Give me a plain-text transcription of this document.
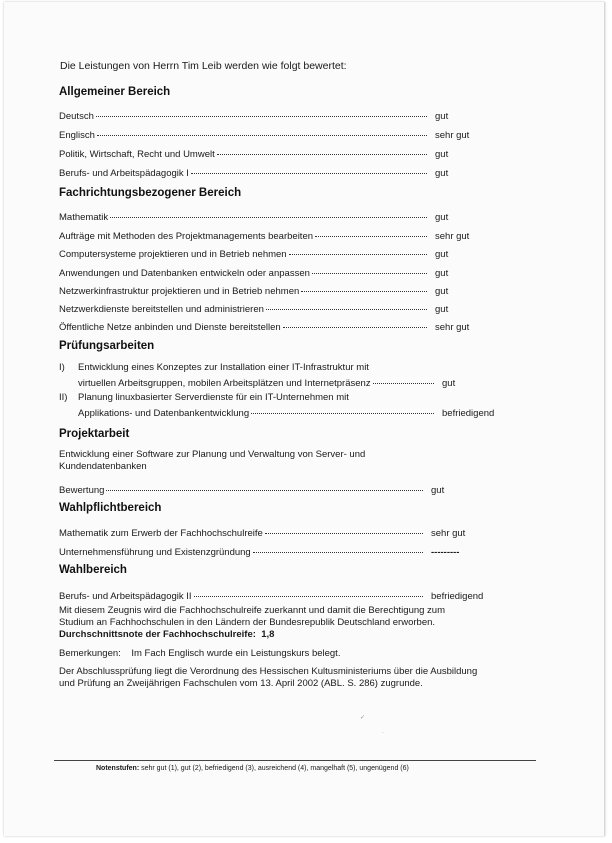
Die Leistungen von Herrn Tim Leib werden wie folgt bewertet:
Allgemeiner Bereich
Deutsch	gut
Englisch	sehr gut
Politik, Wirtschaft, Recht und Umwelt	gut
Berufs- und Arbeitspädagogik I	gut
Fachrichtungsbezogener Bereich
Mathematik	gut
Aufträge mit Methoden des Projektmanagements bearbeiten	sehr gut
Computersysteme projektieren und in Betrieb nehmen	gut
Anwendungen und Datenbanken entwickeln oder anpassen	gut
Netzwerkinfrastruktur projektieren und in Betrieb nehmen	gut
Netzwerkdienste bereitstellen und administrieren	gut
Öffentliche Netze anbinden und Dienste bereitstellen	sehr gut
Prüfungsarbeiten
I) Entwicklung eines Konzeptes zur Installation einer IT-Infrastruktur mit
virtuellen Arbeitsgruppen, mobilen Arbeitsplätzen und Internetpräsenz	gut
II) Planung linuxbasierter Serverdienste für ein IT-Unternehmen mit
Applikations- und Datenbankentwicklung	befriedigend
Projektarbeit
Entwicklung einer Software zur Planung und Verwaltung von Server- und
Kundendatenbanken
Bewertung	gut
Wahlpflichtbereich
Mathematik zum Erwerb der Fachhochschulreife	sehr gut
Unternehmensführung und Existenzgründung	---------
Wahlbereich
Berufs- und Arbeitspädagogik II	befriedigend
Mit diesem Zeugnis wird die Fachhochschulreife zuerkannt und damit die Berechtigung zum
Studium an Fachhochschulen in den Ländern der Bundesrepublik Deutschland erworben.
Durchschnittsnote der Fachhochschulreife: 1,8
Bemerkungen: Im Fach Englisch wurde ein Leistungskurs belegt.
Der Abschlussprüfung liegt die Verordnung des Hessischen Kultusministeriums über die Ausbildung
und Prüfung an Zweijährigen Fachschulen vom 13. April 2002 (ABL. S. 286) zugrunde.
✓
·
Notenstufen: sehr gut (1), gut (2), befriedigend (3), ausreichend (4), mangelhaft (5), ungenügend (6)
